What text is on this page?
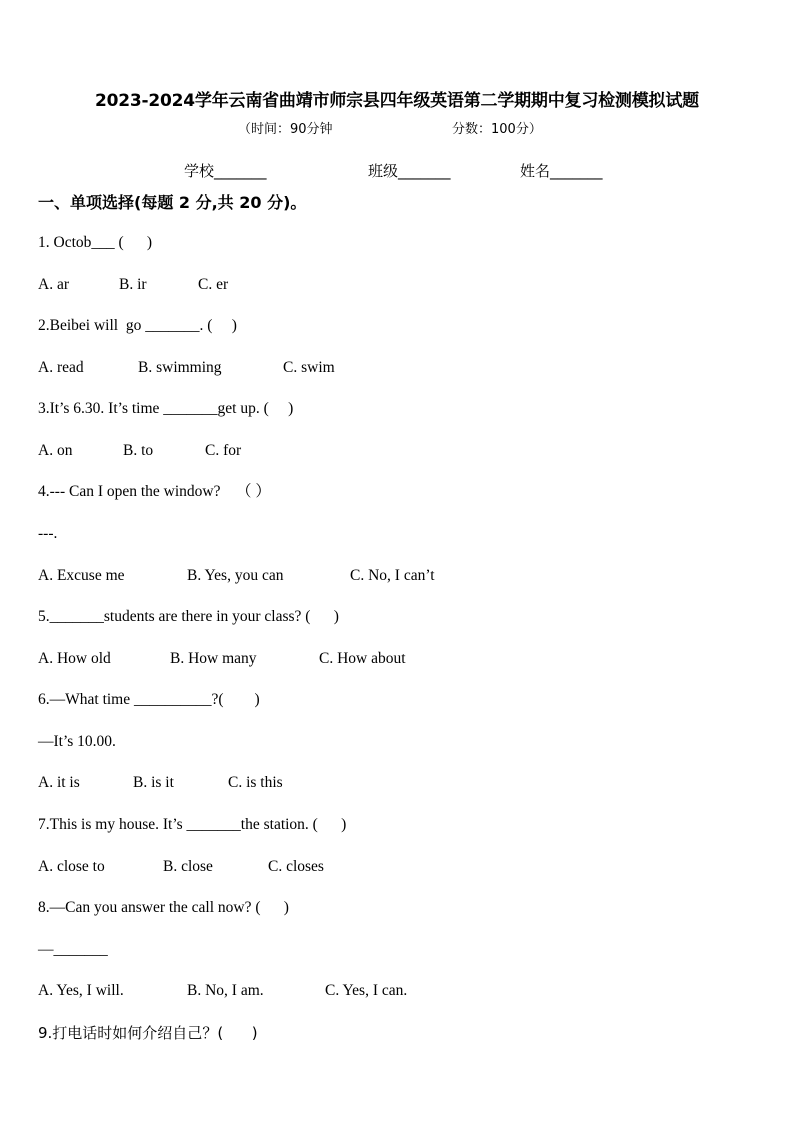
2023-2024学年云南省曲靖市师宗县四年级英语第二学期期中复习检测模拟试题
（时间：90分钟	分数：100分）
学校_______	班级_______	姓名_______
一、单项选择(每题 2 分,共 20 分)。
1. Octob___ (      )
A. ar	B. ir	C. er
2.Beibei will  go _______. (     )
A. read	B. swimming	C. swim
3.It’s 6.30. It’s time _______get up. (     )
A. on	B. to	C. for
4.--- Can I open the window?    （ ）
---.
A. Excuse me	B. Yes, you can	C. No, I can’t
5._______students are there in your class? (      )
A. How old	B. How many	C. How about
6.—What time __________?(        )
—It’s 10.00.
A. it is	B. is it	C. is this
7.This is my house. It’s _______the station. (      )
A. close to	B. close	C. closes
8.—Can you answer the call now? (      )
—_______
A. Yes, I will.	B. No, I am.	C. Yes, I can.
9.打电话时如何介绍自己？(      )
